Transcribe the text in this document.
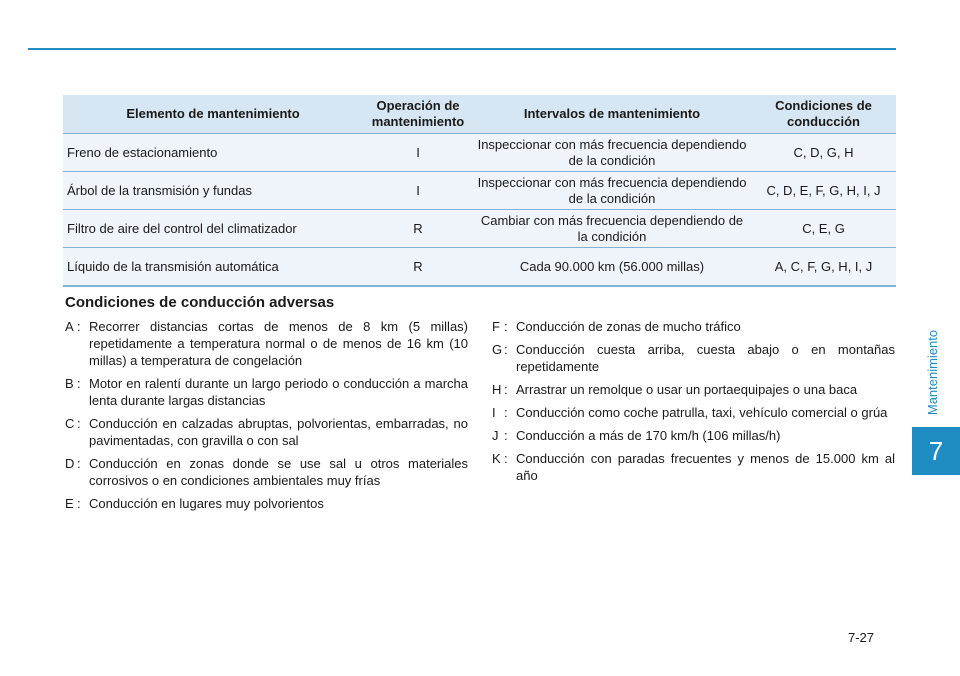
Mantenimiento
7
Elemento de mantenimiento	Operación de mantenimiento	Intervalos de mantenimiento	Condiciones de conducción
Freno de estacionamiento	I	Inspeccionar con más frecuencia dependiendo de la condición	C, D, G, H
Árbol de la transmisión y fundas	I	Inspeccionar con más frecuencia dependiendo de la condición	C, D, E, F, G, H, I, J
Filtro de aire del control del climatizador	R	Cambiar con más frecuencia dependiendo de la condición	C, E, G
Líquido de la transmisión automática	R	Cada 90.000 km (56.000 millas)	A, C, F, G, H, I, J
Condiciones de conducción adversas
A : Recorrer distancias cortas de menos de 8 km (5 millas) repetidamente a temperatura normal o de menos de 16 km (10 millas) a temperatura de congelación
B : Motor en ralentí durante un largo periodo o conducción a marcha lenta durante largas distancias
C : Conducción en calzadas abruptas, polvorientas, embarradas, no pavimentadas, con gravilla o con sal
D : Conducción en zonas donde se use sal u otros materiales corrosivos o en condiciones ambientales muy frías
E : Conducción en lugares muy polvorientos
F : Conducción de zonas de mucho tráfico
G : Conducción cuesta arriba, cuesta abajo o en montañas repetidamente
H : Arrastrar un remolque o usar un portaequipajes o una baca
I : Conducción como coche patrulla, taxi, vehículo comercial o grúa
J : Conducción a más de 170 km/h (106 millas/h)
K : Conducción con paradas frecuentes y menos de 15.000 km al año
7-27
